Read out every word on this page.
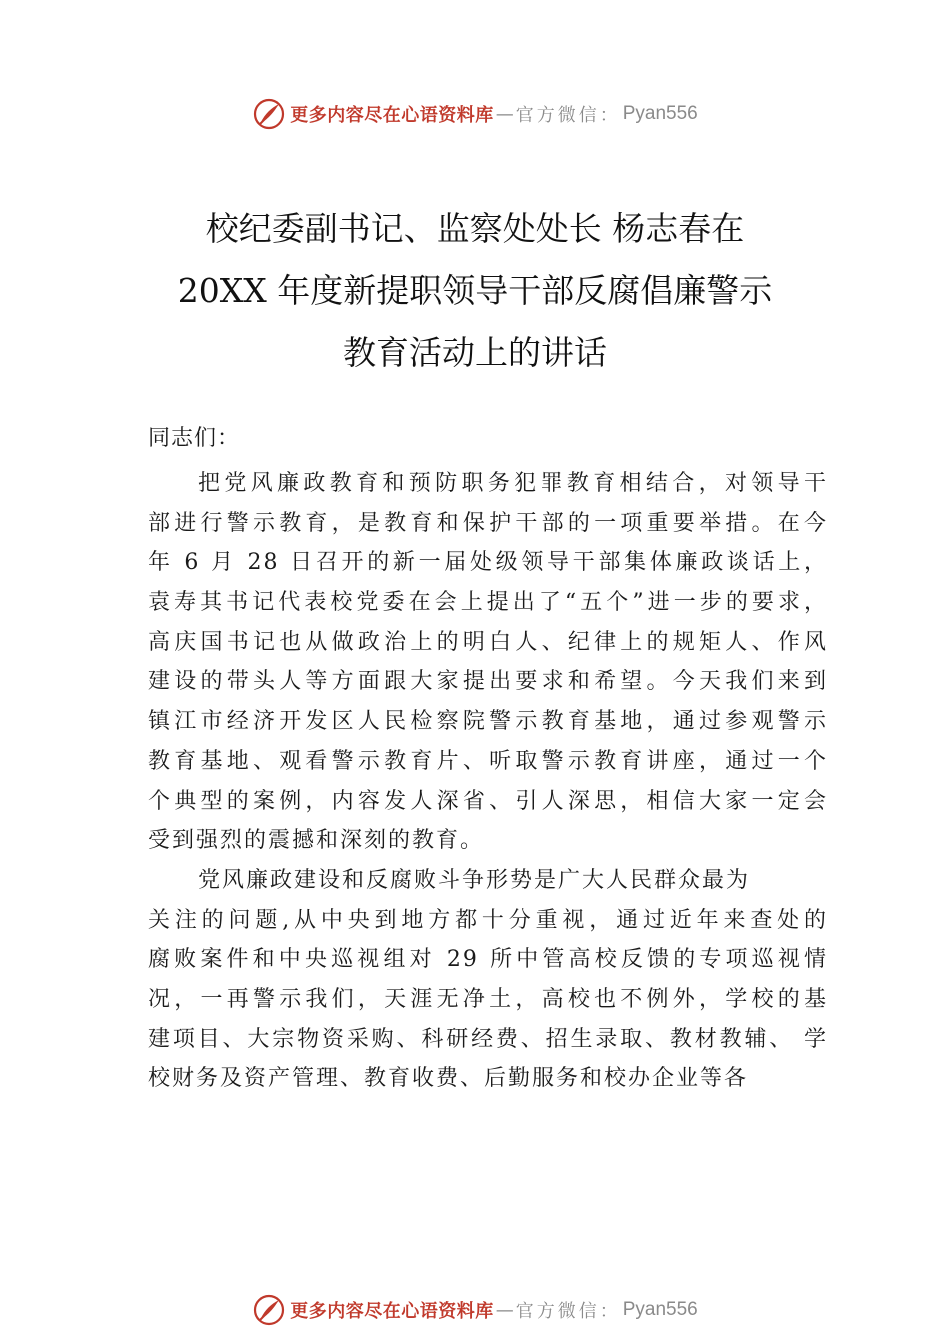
更多内容尽在心语资料库 — 官方微信： Pyan556
校纪委副书记、监察处处长 杨志春在
20XX 年度新提职领导干部反腐倡廉警示
教育活动上的讲话
同志们：
把党风廉政教育和预防职务犯罪教育相结合，对领导干
部进行警示教育，是教育和保护干部的一项重要举措。在今
年 6 月 28 日召开的新一届处级领导干部集体廉政谈话上，
袁寿其书记代表校党委在会上提出了“五个”进一步的要求，
高庆国书记也从做政治上的明白人、纪律上的规矩人、作风
建设的带头人等方面跟大家提出要求和希望。今天我们来到
镇江市经济开发区人民检察院警示教育基地，通过参观警示
教育基地、观看警示教育片、听取警示教育讲座，通过一个
个典型的案例，内容发人深省、引人深思，相信大家一定会
受到强烈的震撼和深刻的教育。
党风廉政建设和反腐败斗争形势是广大人民群众最为
关注的问题,从中央到地方都十分重视，通过近年来查处的
腐败案件和中央巡视组对 29 所中管高校反馈的专项巡视情
况，一再警示我们，天涯无净土，高校也不例外，学校的基
建项目、大宗物资采购、科研经费、招生录取、教材教辅、 学
校财务及资产管理、教育收费、后勤服务和校办企业等各
更多内容尽在心语资料库 — 官方微信： Pyan556
